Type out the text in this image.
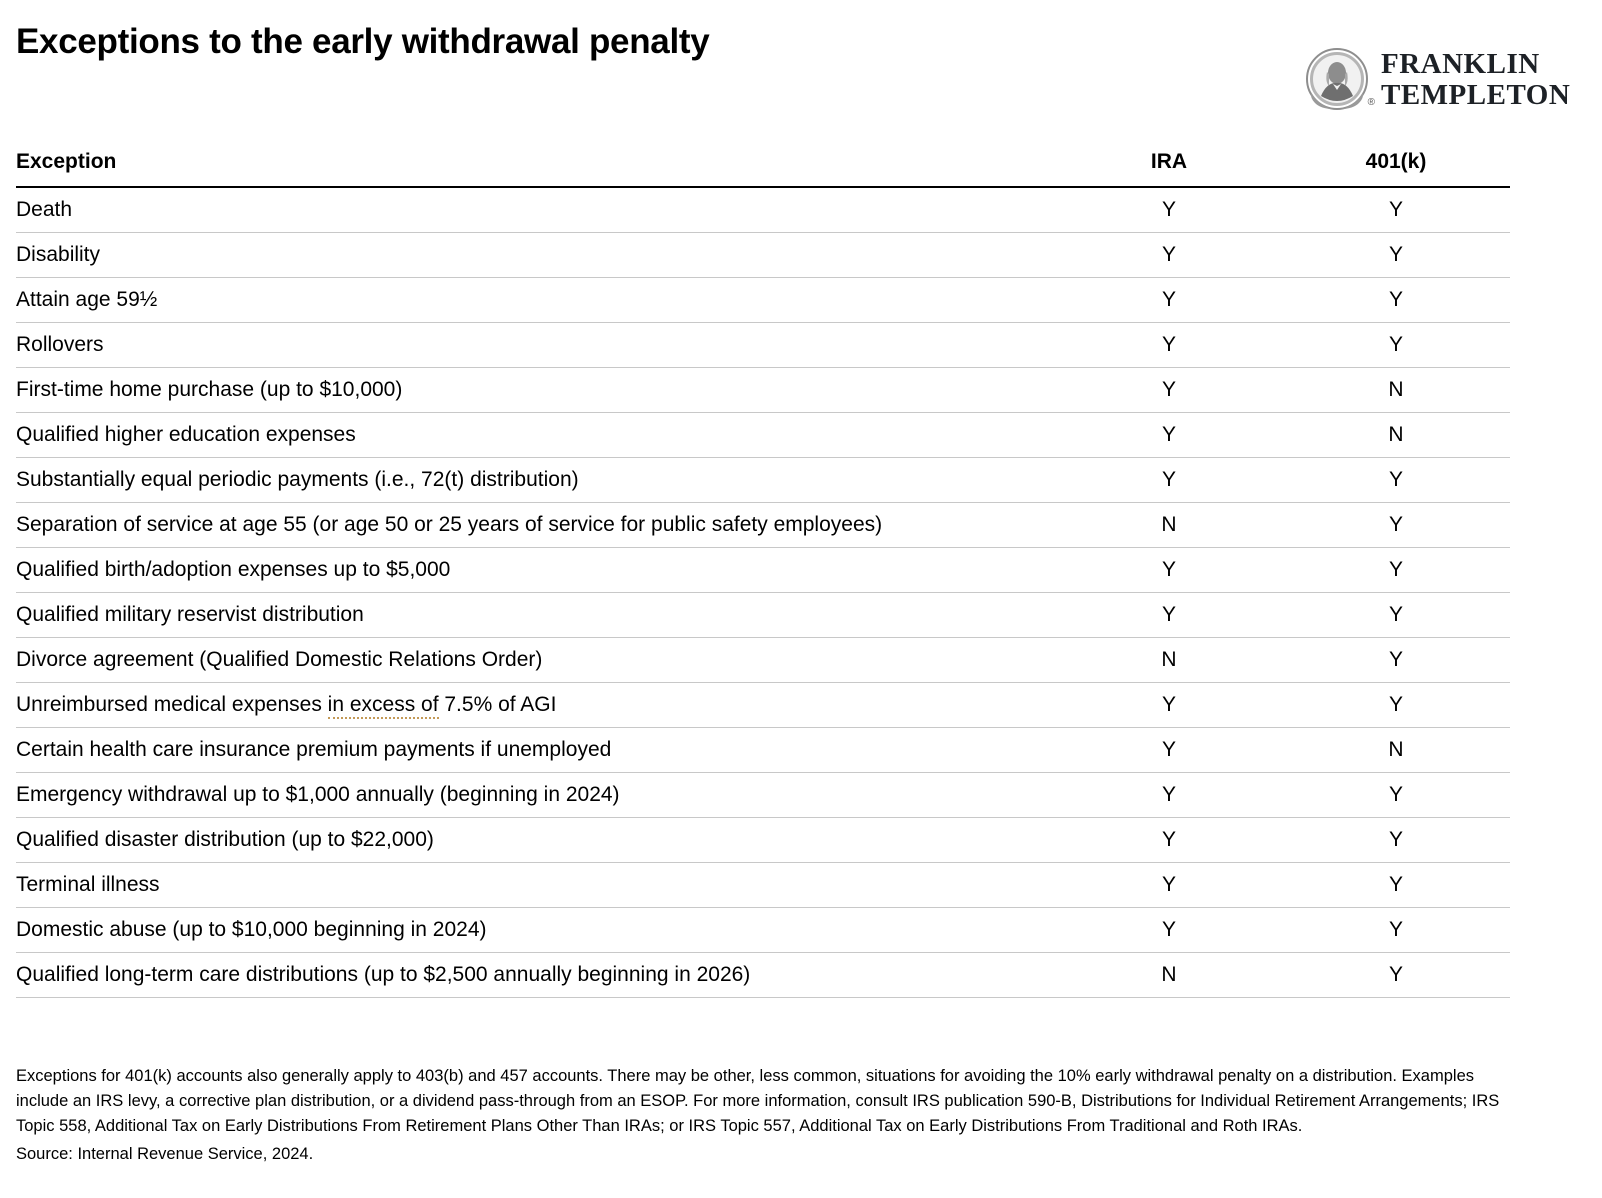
Exceptions to the early withdrawal penalty
®
FRANKLIN
TEMPLETON
Exception	IRA	401(k)
Death	Y	Y
Disability	Y	Y
Attain age 59½	Y	Y
Rollovers	Y	Y
First-time home purchase (up to $10,000)	Y	N
Qualified higher education expenses	Y	N
Substantially equal periodic payments (i.e., 72(t) distribution)	Y	Y
Separation of service at age 55 (or age 50 or 25 years of service for public safety employees)	N	Y
Qualified birth/adoption expenses up to $5,000	Y	Y
Qualified military reservist distribution	Y	Y
Divorce agreement (Qualified Domestic Relations Order)	N	Y
Unreimbursed medical expenses in excess of 7.5% of AGI	Y	Y
Certain health care insurance premium payments if unemployed	Y	N
Emergency withdrawal up to $1,000 annually (beginning in 2024)	Y	Y
Qualified disaster distribution (up to $22,000)	Y	Y
Terminal illness	Y	Y
Domestic abuse (up to $10,000 beginning in 2024)	Y	Y
Qualified long-term care distributions (up to $2,500 annually beginning in 2026)	N	Y

Exceptions for 401(k) accounts also generally apply to 403(b) and 457 accounts. There may be other, less common, situations for avoiding the 10% early withdrawal penalty on a distribution. Examples include an IRS levy, a corrective plan distribution, or a dividend pass-through from an ESOP. For more information, consult IRS publication 590-B, Distributions for Individual Retirement Arrangements; IRS Topic 558, Additional Tax on Early Distributions From Retirement Plans Other Than IRAs; or IRS Topic 557, Additional Tax on Early Distributions From Traditional and Roth IRAs.

Source: Internal Revenue Service, 2024.
